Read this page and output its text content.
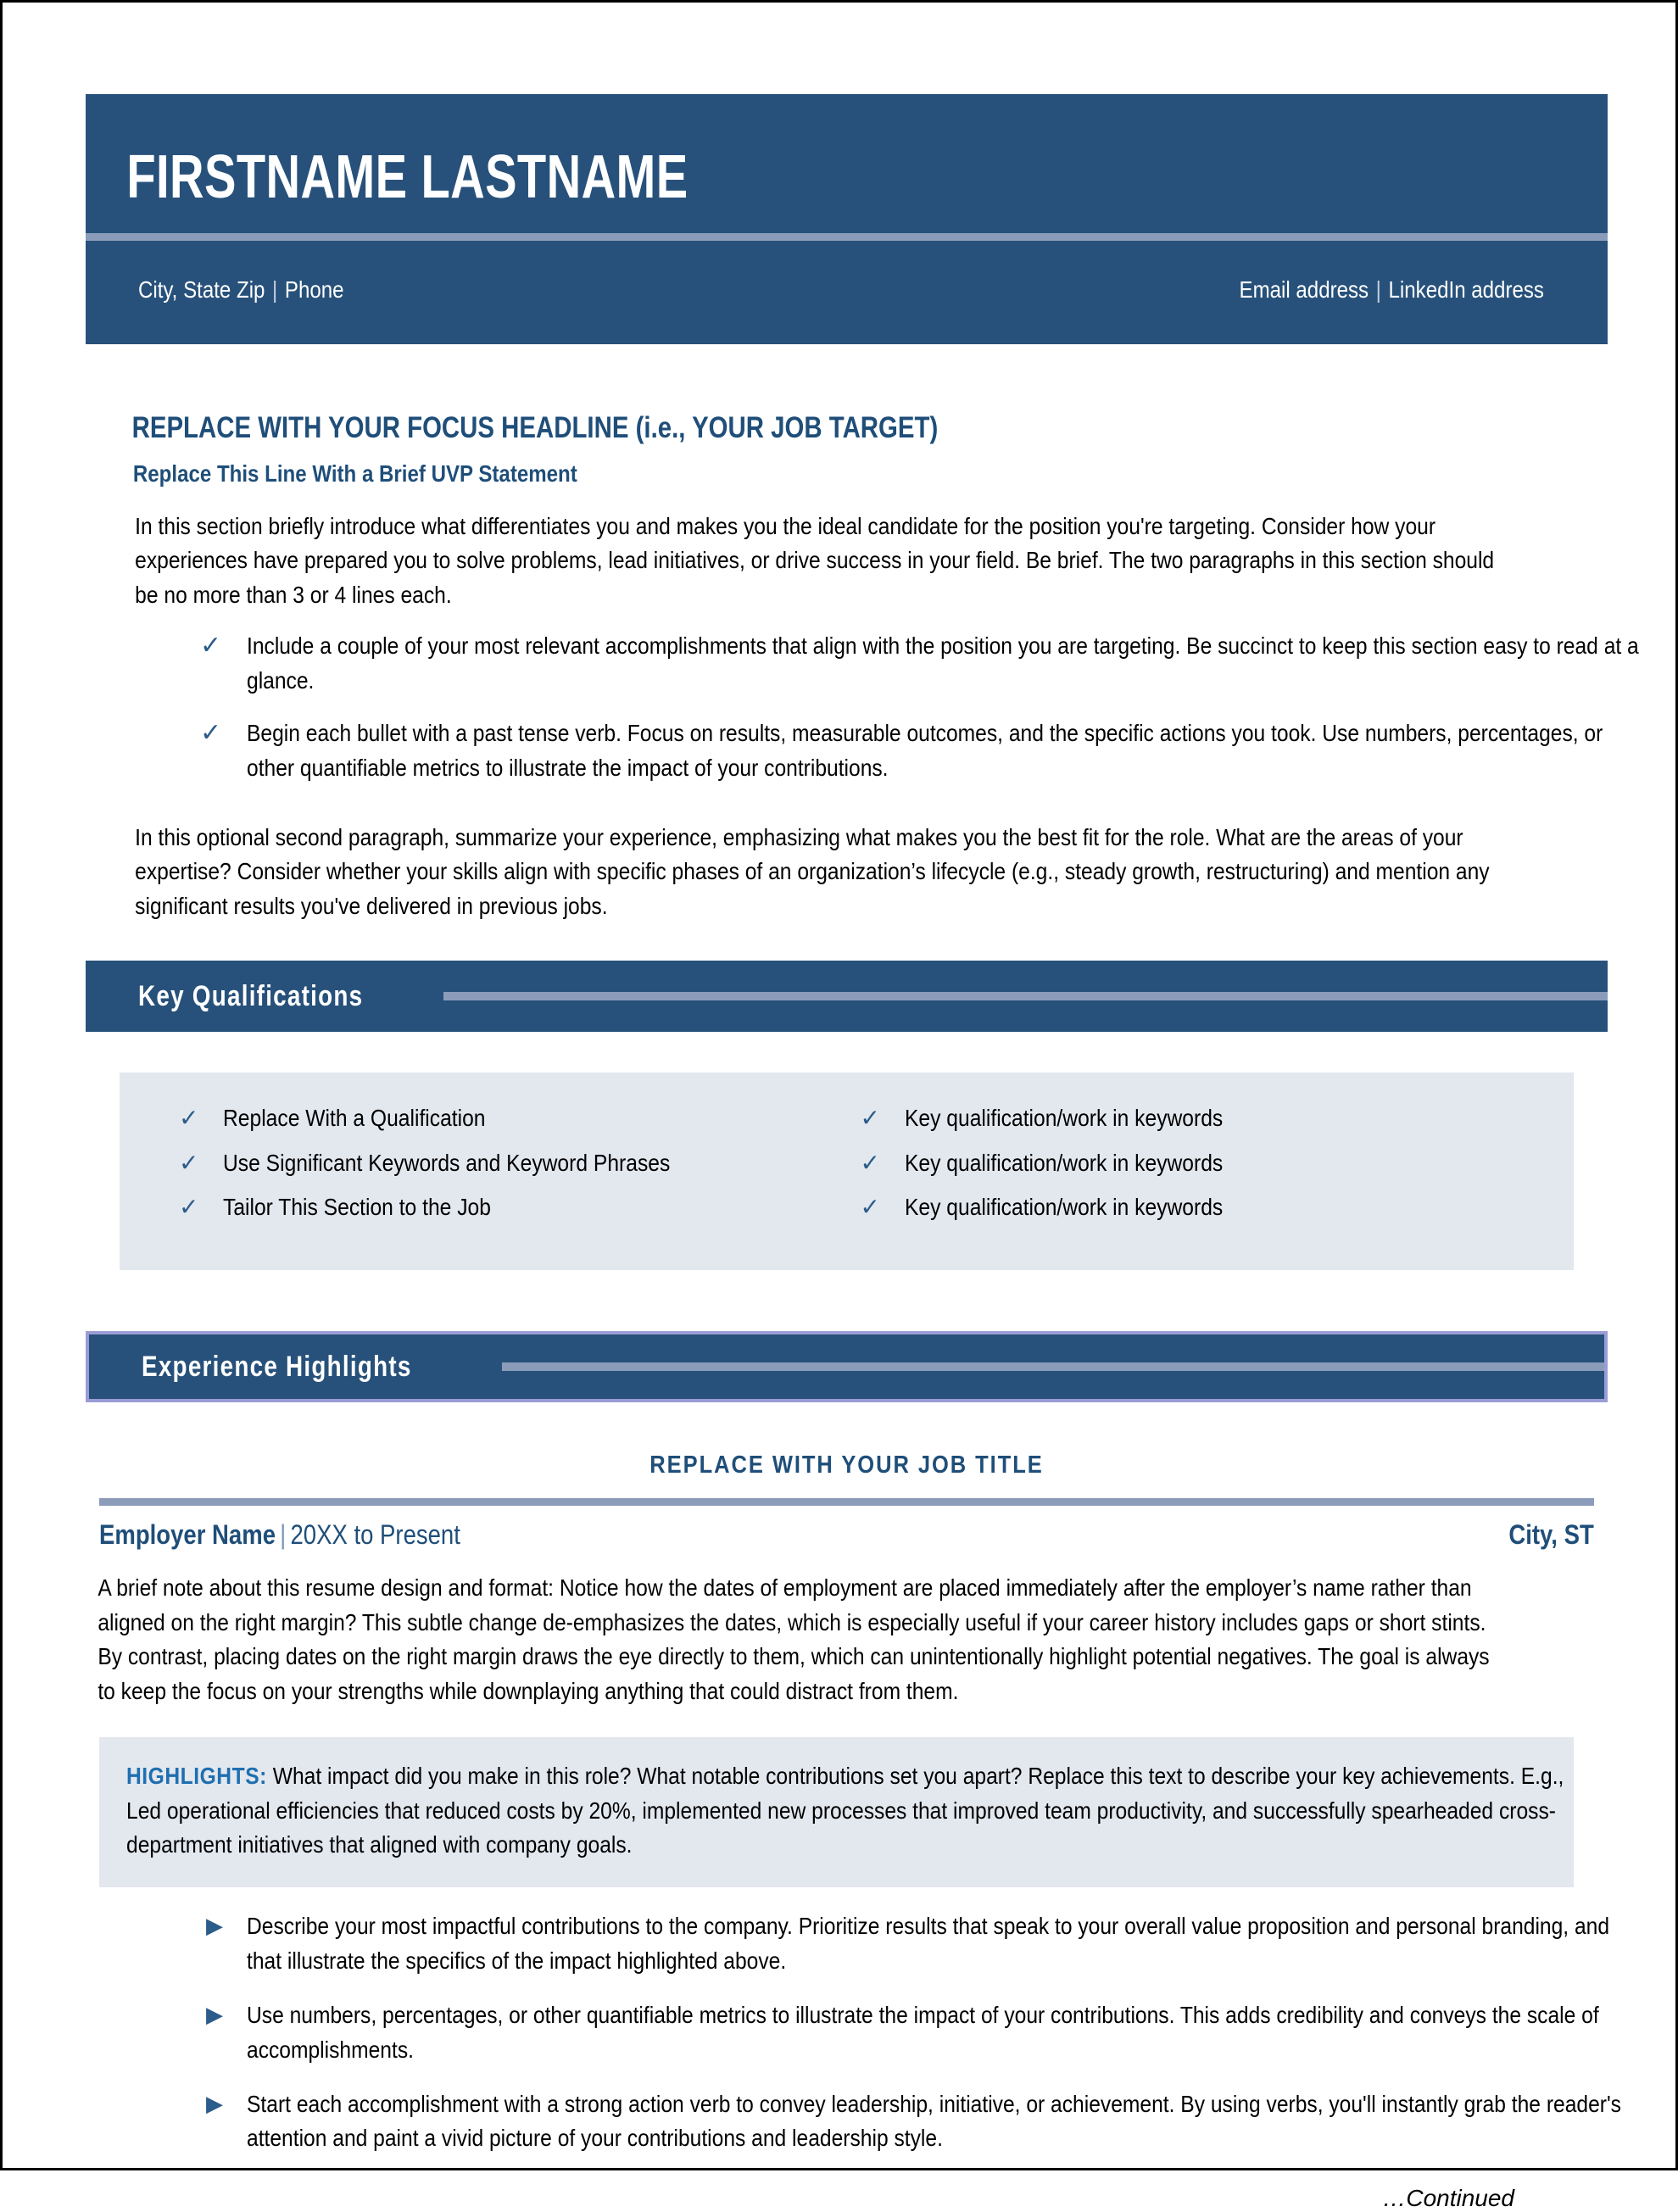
FIRSTNAME LASTNAME
City, State Zip | Phone	Email address | LinkedIn address
REPLACE WITH YOUR FOCUS HEADLINE (i.e., YOUR JOB TARGET)
Replace This Line With a Brief UVP Statement
In this section briefly introduce what differentiates you and makes you the ideal candidate for the position you're targeting. Consider how your experiences have prepared you to solve problems, lead initiatives, or drive success in your field. Be brief. The two paragraphs in this section should be no more than 3 or 4 lines each.
✓ Include a couple of your most relevant accomplishments that align with the position you are targeting. Be succinct to keep this section easy to read at a glance.
✓ Begin each bullet with a past tense verb. Focus on results, measurable outcomes, and the specific actions you took. Use numbers, percentages, or other quantifiable metrics to illustrate the impact of your contributions.
In this optional second paragraph, summarize your experience, emphasizing what makes you the best fit for the role. What are the areas of your expertise? Consider whether your skills align with specific phases of an organization’s lifecycle (e.g., steady growth, restructuring) and mention any significant results you've delivered in previous jobs.
Key Qualifications
✓ Replace With a Qualification
✓ Use Significant Keywords and Keyword Phrases
✓ Tailor This Section to the Job
✓ Key qualification/work in keywords
✓ Key qualification/work in keywords
✓ Key qualification/work in keywords
Experience Highlights
REPLACE WITH YOUR JOB TITLE
Employer Name | 20XX to Present	City, ST
A brief note about this resume design and format: Notice how the dates of employment are placed immediately after the employer’s name rather than aligned on the right margin? This subtle change de-emphasizes the dates, which is especially useful if your career history includes gaps or short stints. By contrast, placing dates on the right margin draws the eye directly to them, which can unintentionally highlight potential negatives. The goal is always to keep the focus on your strengths while downplaying anything that could distract from them.
HIGHLIGHTS: What impact did you make in this role? What notable contributions set you apart? Replace this text to describe your key achievements. E.g., Led operational efficiencies that reduced costs by 20%, implemented new processes that improved team productivity, and successfully spearheaded cross-department initiatives that aligned with company goals.
▶ Describe your most impactful contributions to the company. Prioritize results that speak to your overall value proposition and personal branding, and that illustrate the specifics of the impact highlighted above.
▶ Use numbers, percentages, or other quantifiable metrics to illustrate the impact of your contributions. This adds credibility and conveys the scale of accomplishments.
▶ Start each accomplishment with a strong action verb to convey leadership, initiative, or achievement. By using verbs, you'll instantly grab the reader's attention and paint a vivid picture of your contributions and leadership style.
…Continued
